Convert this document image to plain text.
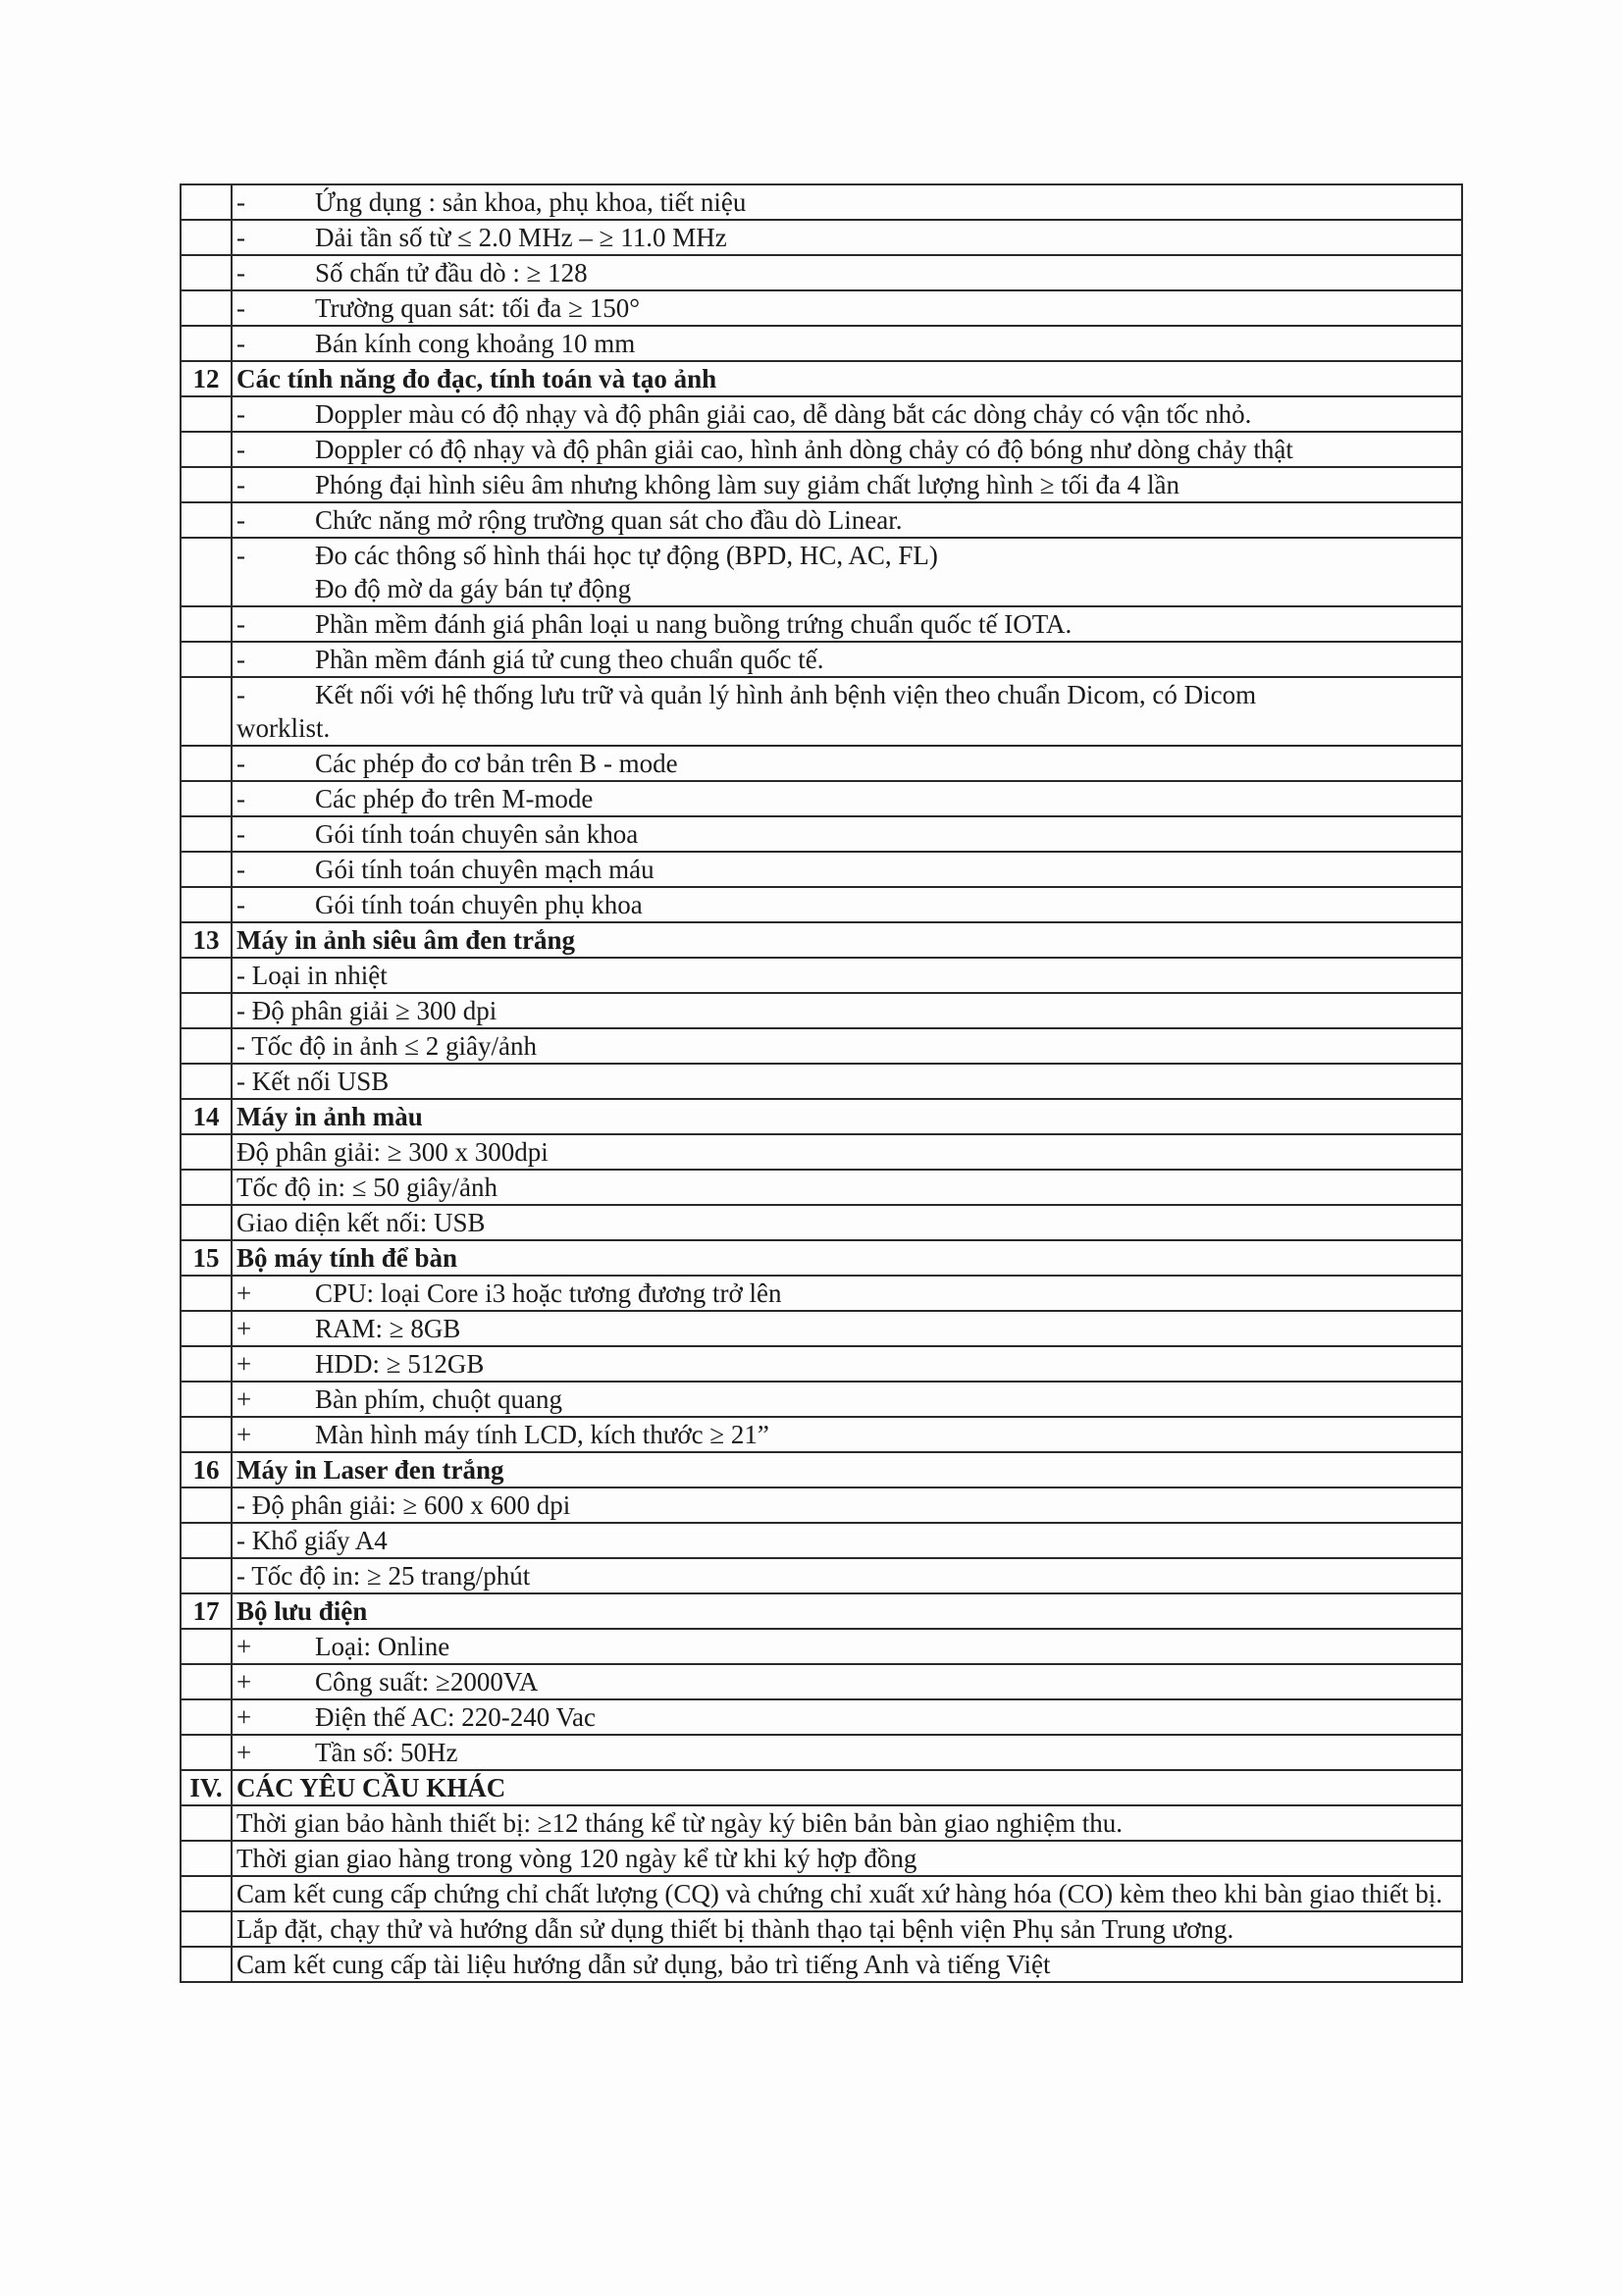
	- Ứng dụng : sản khoa, phụ khoa, tiết niệu
	- Dải tần số từ ≤ 2.0 MHz – ≥ 11.0 MHz
	- Số chấn tử đầu dò : ≥ 128
	- Trường quan sát: tối đa ≥ 150°
	- Bán kính cong khoảng 10 mm
12	Các tính năng đo đạc, tính toán và tạo ảnh
	- Doppler màu có độ nhạy và độ phân giải cao, dễ dàng bắt các dòng chảy có vận tốc nhỏ.
	- Doppler có độ nhạy và độ phân giải cao, hình ảnh dòng chảy có độ bóng như dòng chảy thật
	- Phóng đại hình siêu âm nhưng không làm suy giảm chất lượng hình ≥ tối đa 4 lần
	- Chức năng mở rộng trường quan sát cho đầu dò Linear.
	- Đo các thông số hình thái học tự động (BPD, HC, AC, FL)
Đo độ mờ da gáy bán tự động
	- Phần mềm đánh giá phân loại u nang buồng trứng chuẩn quốc tế IOTA.
	- Phần mềm đánh giá tử cung theo chuẩn quốc tế.
	- Kết nối với hệ thống lưu trữ và quản lý hình ảnh bệnh viện theo chuẩn Dicom, có Dicom
worklist.
	- Các phép đo cơ bản trên B - mode
	- Các phép đo trên M-mode
	- Gói tính toán chuyên sản khoa
	- Gói tính toán chuyên mạch máu
	- Gói tính toán chuyên phụ khoa
13	Máy in ảnh siêu âm đen trắng
	- Loại in nhiệt
	- Độ phân giải ≥ 300 dpi
	- Tốc độ in ảnh ≤ 2 giây/ảnh
	- Kết nối USB
14	Máy in ảnh màu
	Độ phân giải: ≥ 300 x 300dpi
	Tốc độ in: ≤ 50 giây/ảnh
	Giao diện kết nối: USB
15	Bộ máy tính để bàn
	+ CPU: loại Core i3 hoặc tương đương trở lên
	+ RAM: ≥ 8GB
	+ HDD: ≥ 512GB
	+ Bàn phím, chuột quang
	+ Màn hình máy tính LCD, kích thước ≥ 21”
16	Máy in Laser đen trắng
	- Độ phân giải: ≥ 600 x 600 dpi
	- Khổ giấy A4
	- Tốc độ in: ≥ 25 trang/phút
17	Bộ lưu điện
	+ Loại: Online
	+ Công suất: ≥2000VA
	+ Điện thế AC: 220-240 Vac
	+ Tần số: 50Hz
IV.	CÁC YÊU CẦU KHÁC
	Thời gian bảo hành thiết bị: ≥12 tháng kể từ ngày ký biên bản bàn giao nghiệm thu.
	Thời gian giao hàng trong vòng 120 ngày kể từ khi ký hợp đồng
	Cam kết cung cấp chứng chỉ chất lượng (CQ) và chứng chỉ xuất xứ hàng hóa (CO) kèm theo khi bàn giao thiết bị.
	Lắp đặt, chạy thử và hướng dẫn sử dụng thiết bị thành thạo tại bệnh viện Phụ sản Trung ương.
	Cam kết cung cấp tài liệu hướng dẫn sử dụng, bảo trì tiếng Anh và tiếng Việt
